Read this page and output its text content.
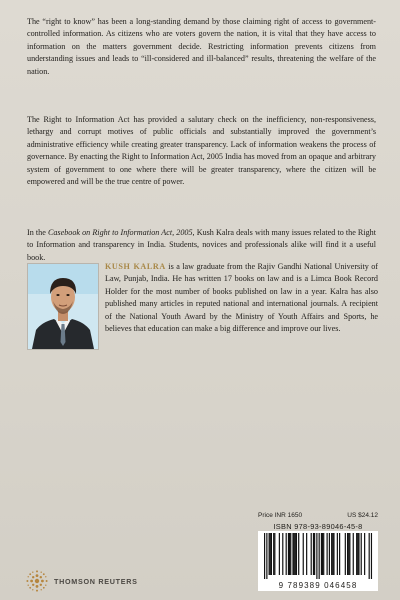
The “right to know” has been a long-standing demand by those claiming right of access to government-controlled information. As citizens who are voters govern the nation, it is vital that they have access to information on the matters government decide. Restricting information prevents citizens from understanding issues and leads to “ill-considered and ill-balanced” results, threatening the welfare of the nation.

The Right to Information Act has provided a salutary check on the inefficiency, non-responsiveness, lethargy and corrupt motives of public officials and substantially improved the government’s administrative efficiency while creating greater transparency. Lack of information weakens the process of governance. By enacting the Right to Information Act, 2005 India has moved from an opaque and arbitrary system of government to one where there will be greater transparency, where the citizen will be empowered and will be the true centre of power.

In the Casebook on Right to Information Act, 2005, Kush Kalra deals with many issues related to the Right to Information and transparency in India. Students, novices and professionals alike will find it a useful book.

KUSH KALRA is a law graduate from the Rajiv Gandhi National University of Law, Punjab, India. He has written 17 books on law and is a Limca Book Record Holder for the most number of books published on law in a year. Kalra has also published many articles in reputed national and international journals. A recipient of the National Youth Award by the Ministry of Youth Affairs and Sports, he believes that education can make a big difference and improve our lives.

Price INR 1650	US $24.12
ISBN 978-93-89046-45-8
9 789389 046458
THOMSON REUTERS
